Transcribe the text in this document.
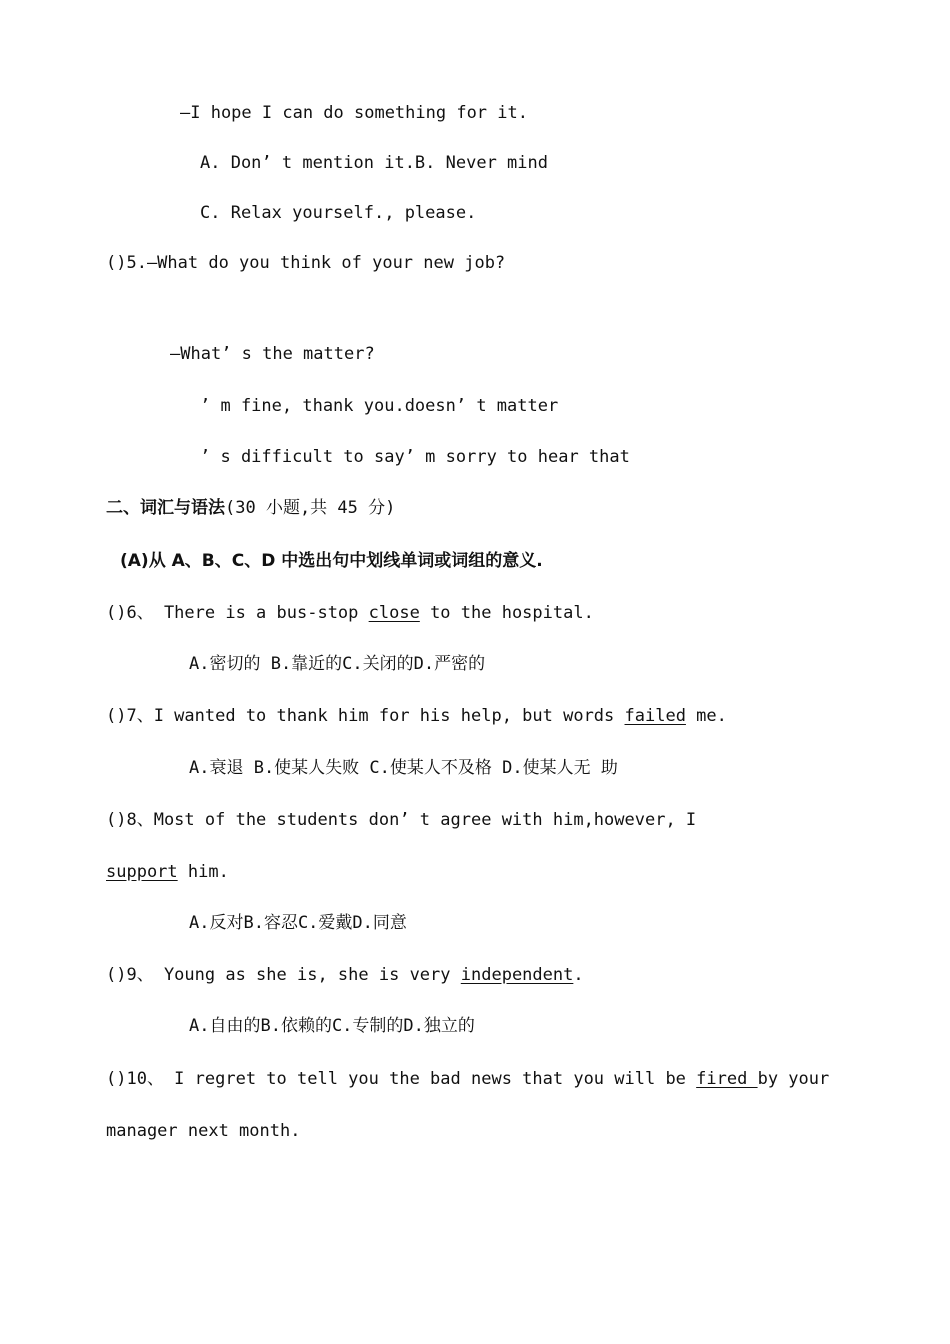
—I hope I can do something for it.
A. Don’ t mention it.B. Never mind
C. Relax yourself., please.
()5.—What do you think of your new job?
—What’ s the matter?
’ m fine, thank you.doesn’ t matter
’ s difficult to say’ m sorry to hear that
二、词汇与语法(30 小题,共 45 分)
(A)从 A、B、C、D 中选出句中划线单词或词组的意义.
()6、 There is a bus-stop close to the hospital.
A.密切的 B.靠近的C.关闭的D.严密的
()7、I wanted to thank him for his help, but words failed me.
A.衰退 B.使某人失败 C.使某人不及格 D.使某人无 助
()8、Most of the students don’ t agree with him,however, I
support him.
A.反对B.容忍C.爱戴D.同意
()9、 Young as she is, she is very independent.
A.自由的B.依赖的C.专制的D.独立的
()10、 I regret to tell you the bad news that you will be fired by your
manager next month.
